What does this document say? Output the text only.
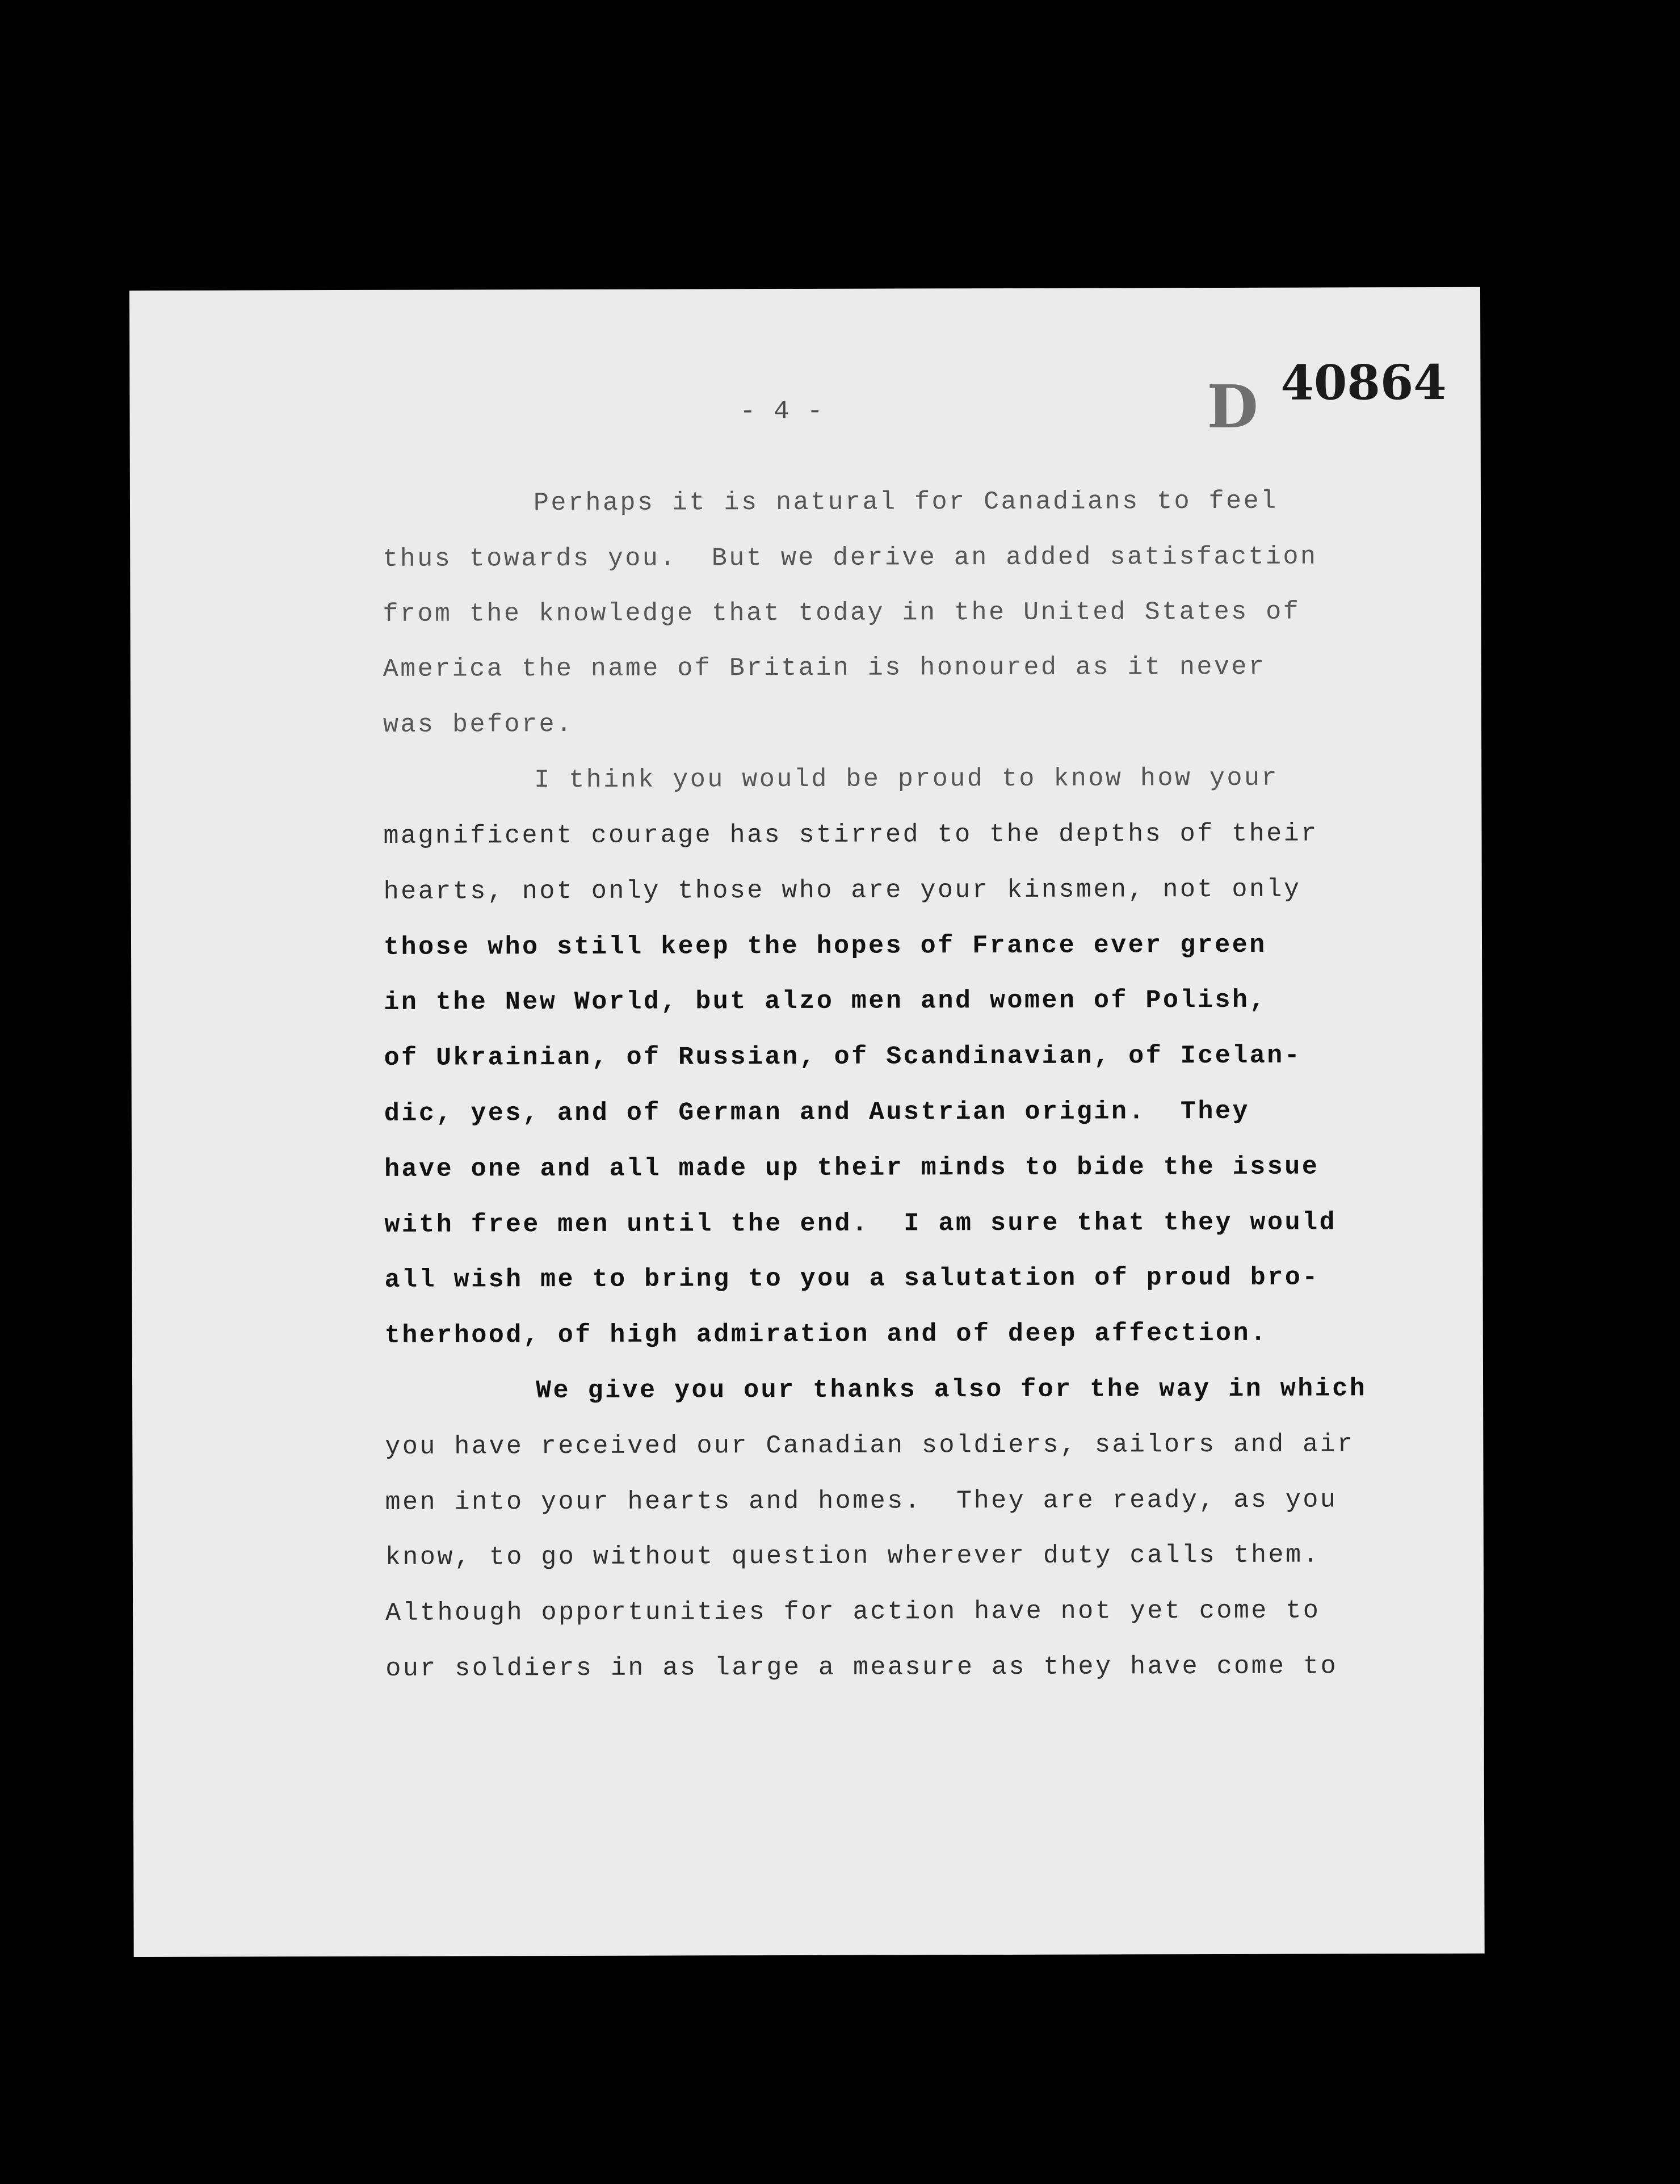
- 4 -	D 40864
Perhaps it is natural for Canadians to feel
thus towards you.  But we derive an added satisfaction
from the knowledge that today in the United States of
America the name of Britain is honoured as it never
was before.
I think you would be proud to know how your
magnificent courage has stirred to the depths of their
hearts, not only those who are your kinsmen, not only
those who still keep the hopes of France ever green
in the New World, but alzo men and women of Polish,
of Ukrainian, of Russian, of Scandinavian, of Icelan-
dic, yes, and of German and Austrian origin.  They
have one and all made up their minds to bide the issue
with free men until the end.  I am sure that they would
all wish me to bring to you a salutation of proud bro-
therhood, of high admiration and of deep affection.
We give you our thanks also for the way in which
you have received our Canadian soldiers, sailors and air
men into your hearts and homes.  They are ready, as you
know, to go without question wherever duty calls them.
Although opportunities for action have not yet come to
our soldiers in as large a measure as they have come to
